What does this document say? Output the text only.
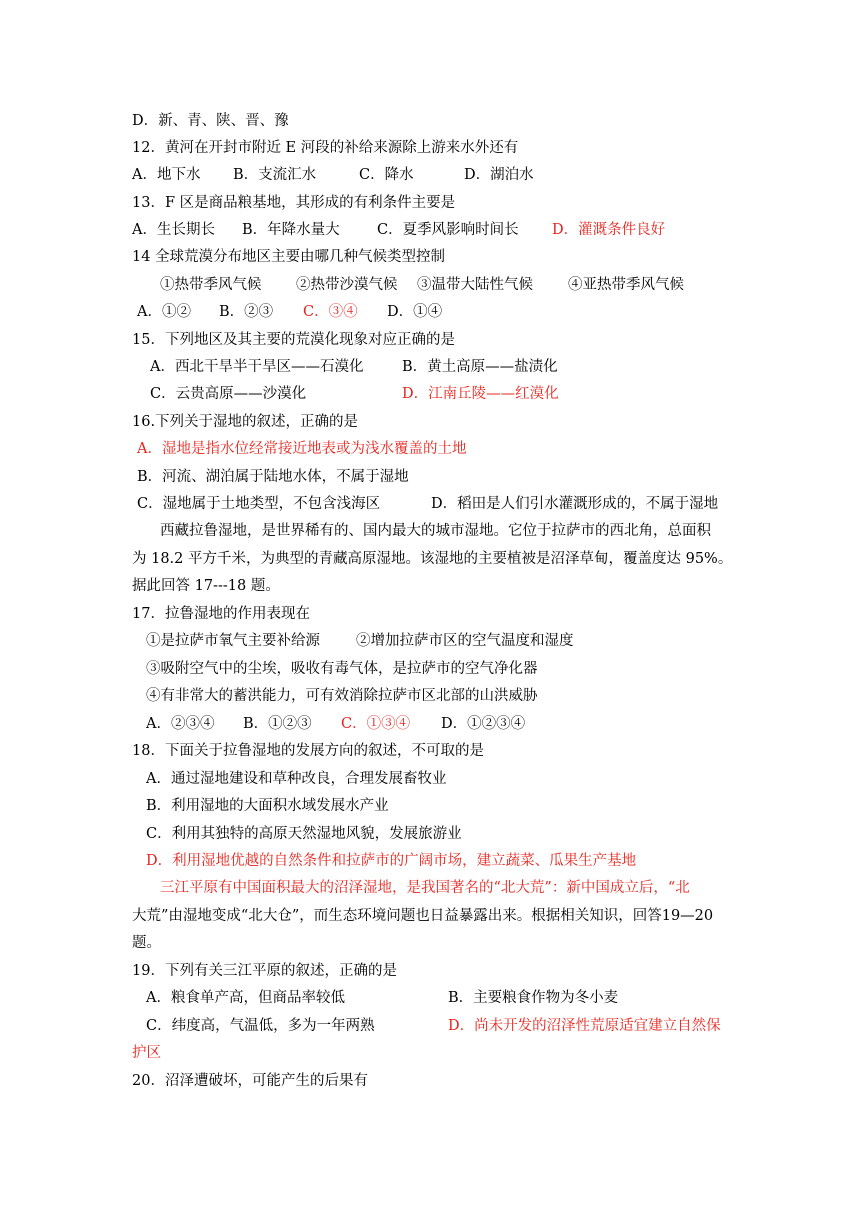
D．新、青、陕、晋、豫
12．黄河在开封市附近 E 河段的补给来源除上游来水外还有
A．地下水 B．支流汇水	C．降水	D．湖泊水
13．F 区是商品粮基地，其形成的有利条件主要是
A．生长期长 B．年降水量大	C．夏季风影响时间长 D．灌溉条件良好
14 全球荒漠分布地区主要由哪几种气候类型控制
①热带季风气候 ②热带沙漠气候 ③温带大陆性气候 ④亚热带季风气候
A．①② B．②③ C．③④ D．①④
15．下列地区及其主要的荒漠化现象对应正确的是
A．西北干旱半干旱区——石漠化	B．黄土高原——盐渍化
C．云贵高原——沙漠化	D．江南丘陵——红漠化
16.下列关于湿地的叙述，正确的是
A．湿地是指水位经常接近地表或为浅水覆盖的土地
B．河流、湖泊属于陆地水体，不属于湿地
C．湿地属于土地类型，不包含浅海区	D．稻田是人们引水灌溉形成的，不属于湿地
西藏拉鲁湿地，是世界稀有的、国内最大的城市湿地。它位于拉萨市的西北角，总面积
为 18.2 平方千米，为典型的青藏高原湿地。该湿地的主要植被是沼泽草甸，覆盖度达 95%。
据此回答 17---18 题。
17．拉鲁湿地的作用表现在
①是拉萨市氧气主要补给源 ②增加拉萨市区的空气温度和湿度
③吸附空气中的尘埃，吸收有毒气体，是拉萨市的空气净化器
④有非常大的蓄洪能力，可有效消除拉萨市区北部的山洪威胁
A．②③④ B．①②③ C．①③④ D．①②③④
18．下面关于拉鲁湿地的发展方向的叙述，不可取的是
A．通过湿地建设和草种改良，合理发展畜牧业
B．利用湿地的大面积水域发展水产业
C．利用其独特的高原天然湿地风貌，发展旅游业
D．利用湿地优越的自然条件和拉萨市的广阔市场，建立蔬菜、瓜果生产基地
三江平原有中国面积最大的沼泽湿地，是我国著名的“北大荒”：新中国成立后，“北
大荒”由湿地变成“北大仓”，而生态环境问题也日益暴露出来。根据相关知识，回答19—20
题。
19．下列有关三江平原的叙述，正确的是
A．粮食单产高，但商品率较低	B．主要粮食作物为冬小麦
C．纬度高，气温低，多为一年两熟	D．尚未开发的沼泽性荒原适宜建立自然保
护区
20．沼泽遭破坏，可能产生的后果有
